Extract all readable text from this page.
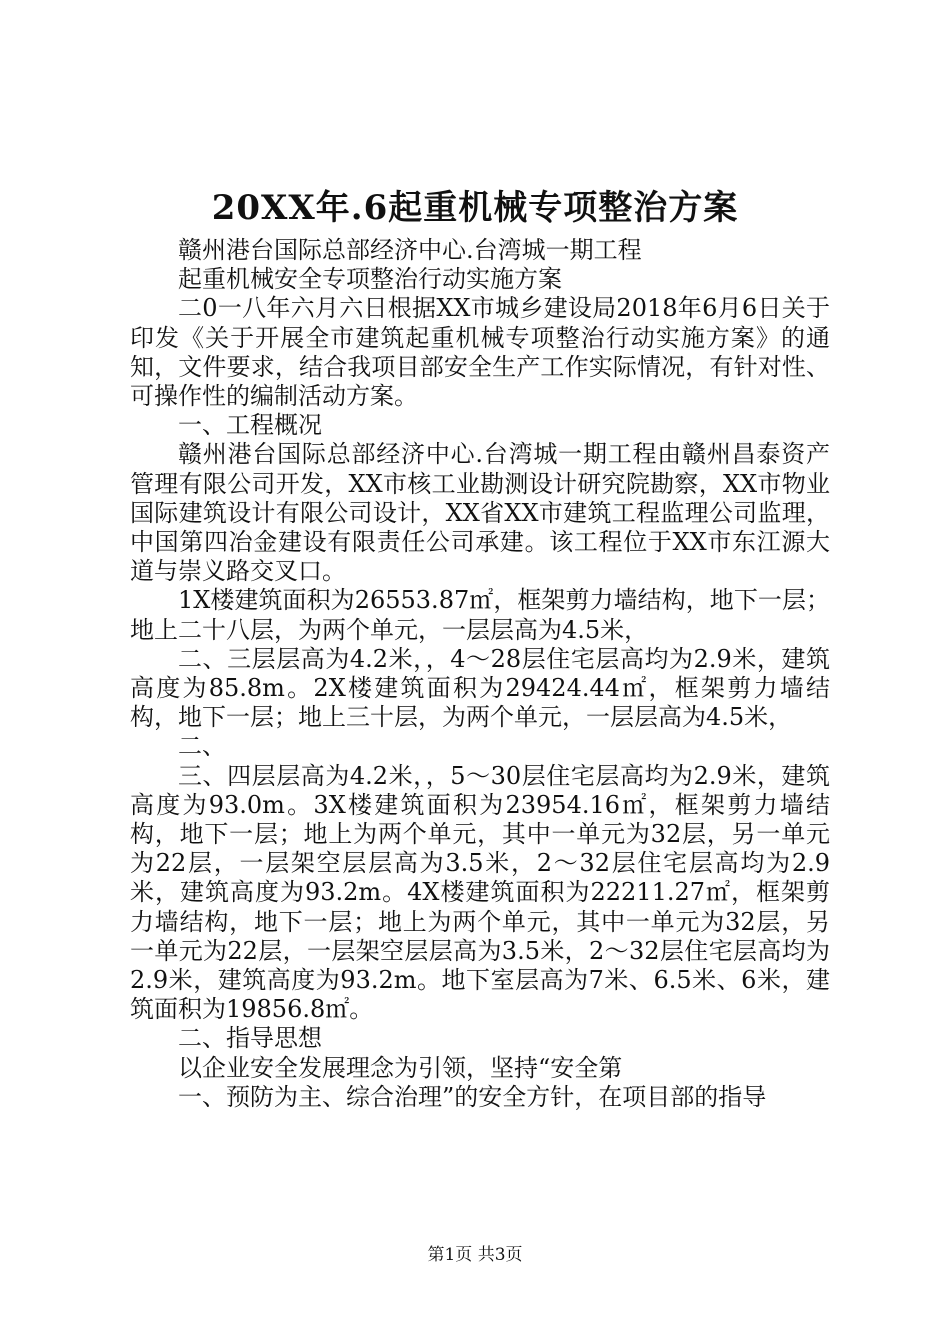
20XX年.6起重机械专项整治方案

赣州港台国际总部经济中心.台湾城一期工程

起重机械安全专项整治行动实施方案

二0一八年六月六日根据XX市城乡建设局2018年6月6日关于印发《关于开展全市建筑起重机械专项整治行动实施方案》的通知，文件要求，结合我项目部安全生产工作实际情况，有针对性、可操作性的编制活动方案。

一、工程概况

赣州港台国际总部经济中心.台湾城一期工程由赣州昌泰资产管理有限公司开发，XX市核工业勘测设计研究院勘察，XX市物业国际建筑设计有限公司设计，XX省XX市建筑工程监理公司监理，中国第四冶金建设有限责任公司承建。该工程位于XX市东江源大道与崇义路交叉口。

1X楼建筑面积为26553.87㎡，框架剪力墙结构，地下一层；地上二十八层，为两个单元，一层层高为4.5米，

二、三层层高为4.2米，，4～28层住宅层高均为2.9米，建筑高度为85.8m。2X楼建筑面积为29424.44㎡，框架剪力墙结构，地下一层；地上三十层，为两个单元，一层层高为4.5米，

二、

三、四层层高为4.2米，，5～30层住宅层高均为2.9米，建筑高度为93.0m。3X楼建筑面积为23954.16㎡，框架剪力墙结构，地下一层；地上为两个单元，其中一单元为32层，另一单元为22层，一层架空层层高为3.5米，2～32层住宅层高均为2.9米，建筑高度为93.2m。4X楼建筑面积为22211.27㎡，框架剪力墙结构，地下一层；地上为两个单元，其中一单元为32层，另一单元为22层，一层架空层层高为3.5米，2～32层住宅层高均为2.9米，建筑高度为93.2m。地下室层高为7米、6.5米、6米，建筑面积为19856.8㎡。

二、指导思想

以企业安全发展理念为引领，坚持“安全第

一、预防为主、综合治理”的安全方针，在项目部的指导

第1页 共3页
